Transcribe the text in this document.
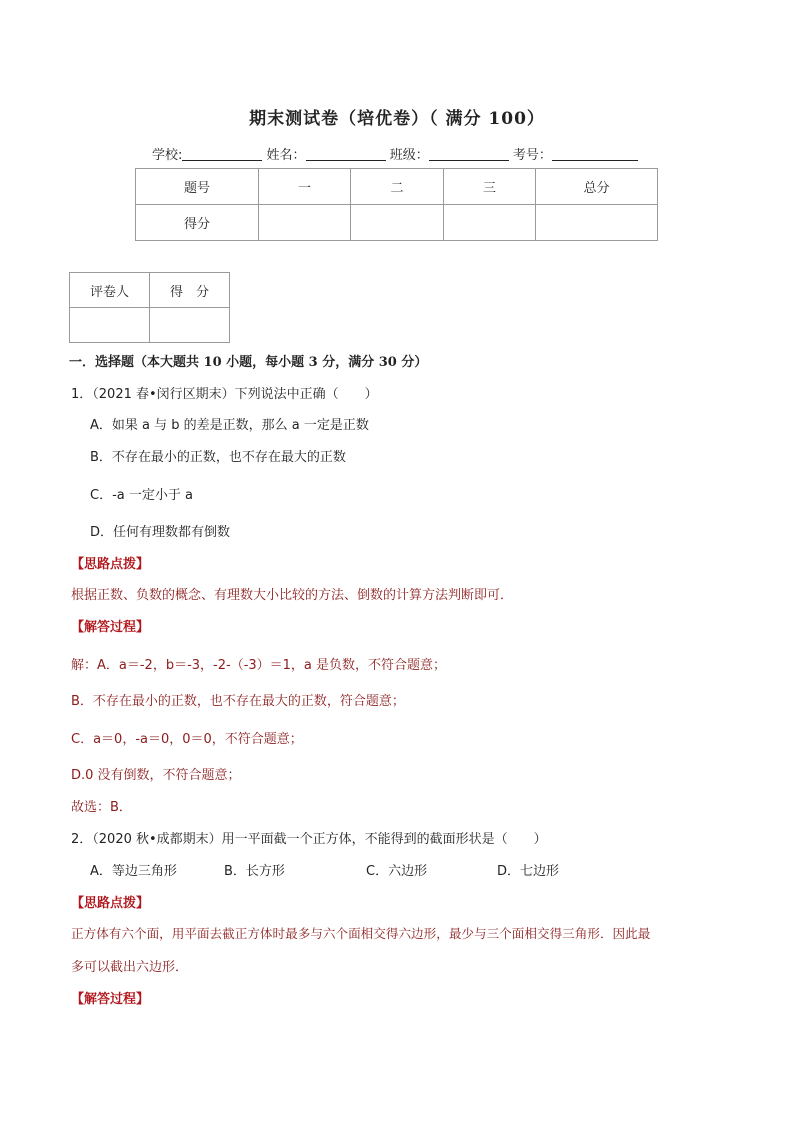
期末测试卷（培优卷）（ 满分 100）
学校:	姓名：	班级：	考号：
题号	一	二	三	总分
得分				
评卷人	得　分

一．选择题（本大题共 10 小题，每小题 3 分，满分 30 分）
1．（2021 春•闵行区期末）下列说法中正确（　　）
A．如果 a 与 b 的差是正数，那么 a 一定是正数
B．不存在最小的正数，也不存在最大的正数
C．-a 一定小于 a
D．任何有理数都有倒数
【思路点拨】
根据正数、负数的概念、有理数大小比较的方法、倒数的计算方法判断即可．
【解答过程】
解：A．a＝-2，b＝-3，-2-（-3）＝1，a 是负数，不符合题意；
B．不存在最小的正数，也不存在最大的正数，符合题意；
C．a＝0，-a＝0，0＝0，不符合题意；
D.0 没有倒数，不符合题意；
故选：B．
2．（2020 秋•成都期末）用一平面截一个正方体，不能得到的截面形状是（　　）
A．等边三角形	B．长方形	C．六边形	D．七边形
【思路点拨】
正方体有六个面，用平面去截正方体时最多与六个面相交得六边形，最少与三个面相交得三角形．因此最
多可以截出六边形．
【解答过程】
